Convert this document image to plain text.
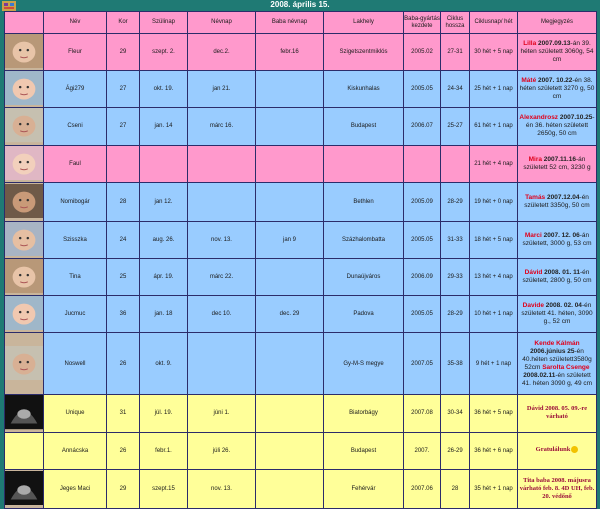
2008. április 15.
	Név	Kor	Szülinap	Névnap	Baba névnap	Lakhely	Baba-gyártás kezdete	Ciklus hossza	Ciklusnap/ hét	Megjegyzés
	Fleur	29	szept. 2.	dec.2.	febr.16	Szigetszentmiklós	2005.02	27-31	30 hét + 5 nap	Lilla 2007.09.13-án 39. héten született 3060g, 54 cm
	Ági279	27	okt. 19.	jan 21.		Kiskunhalas	2005.05	24-34	25 hét + 1 nap	Máté 2007. 10.22-én 38. héten született 3270 g, 50 cm
	Cseni	27	jan. 14	márc 16.		Budapest	2006.07	25-27	61 hét + 1 nap	Alexandrosz 2007.10.25-én 36. héten született 2650g, 50 cm
	Faul								21 hét + 4 nap	Mira 2007.11.16-án született 52 cm, 3230 g
	Nomibogár	28	jan 12.			Bethlen	2005.09	28-29	19 hét + 0 nap	Tamás 2007.12.04-én született 3350g, 50 cm
	Szisszka	24	aug. 26.	nov. 13.	jan 9	Százhalombatta	2005.05	31-33	18 hét + 5 nap	Marci 2007. 12. 06-án született, 3000 g, 53 cm
	Tina	25	ápr. 19.	márc 22.		Dunaújváros	2006.09	29-33	13 hét + 4 nap	Dávid 2008. 01. 11-én született, 2800 g, 50 cm
	Jucmuc	36	jan. 18	dec 10.	dec. 29	Padova	2005.05	28-29	10 hét + 1 nap	Davide 2008. 02. 04-én született 41. héten, 3090 g., 52 cm
	Noswell	26	okt. 9.			Gy-M-S megye	2007.05	35-38	9 hét + 1 nap	Kende Kálmán 2006.június 25-én 40.héten született3580g 52cm Sarolta Csenge 2008.02.11-én született 41. héten 3090 g, 49 cm
	Unique	31	júl. 19.	júni 1.		Biatorbágy	2007.08	30-34	36 hét + 5 nap	Dávid 2008. 05. 09.-re várható
	Annácska	26	febr.1.	júli 26.		Budapest	2007.	26-29	36 hét + 6 nap	Gratulálunk
	Jeges Maci	29	szept.15	nov. 13.		Fehérvár	2007.06	28	35 hét + 1 nap	Tita baba 2008. májusra várható feb. 8. 4D UH, feb. 20. védőnő
